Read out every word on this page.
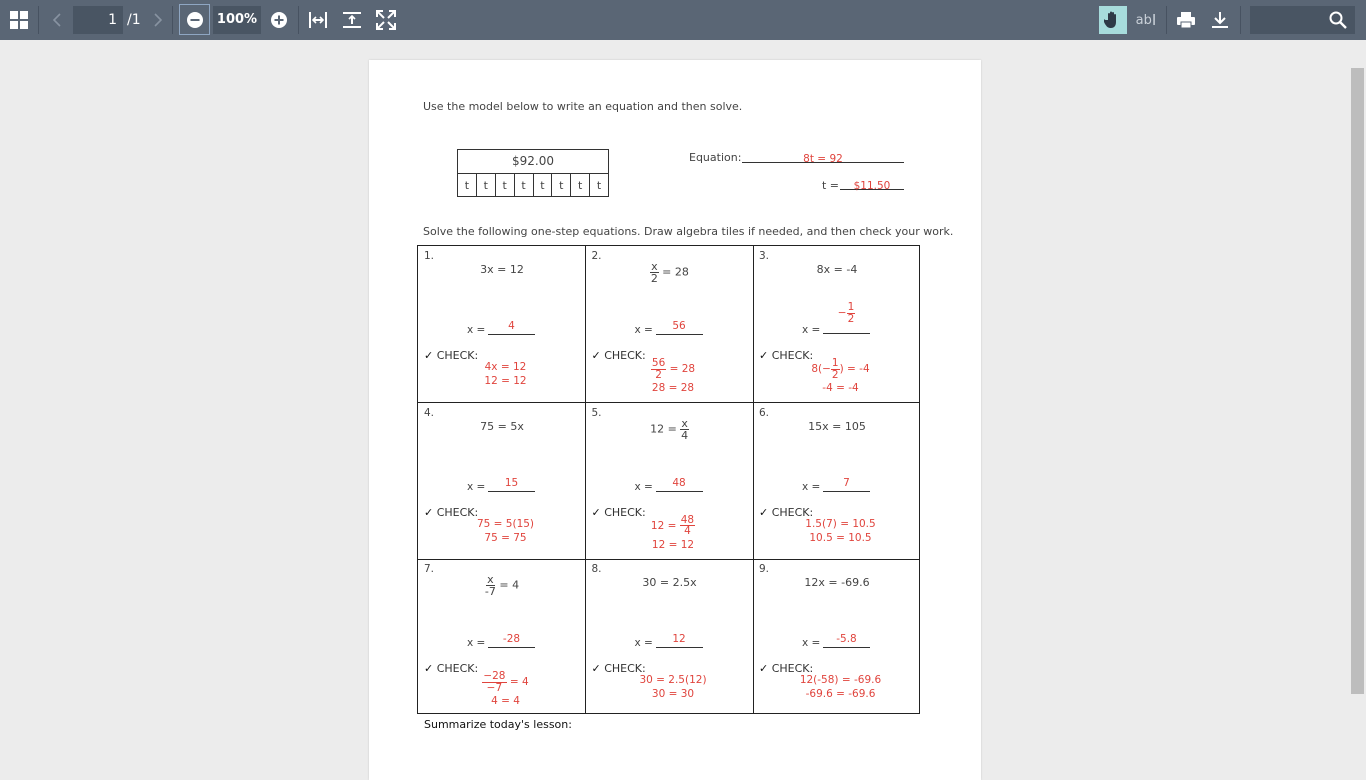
1 /1	100%	ab I
Use the model below to write an equation and then solve.
$92.00
t	t	t	t	t	t	t	t
Equation:	8t = 92
t =	$11.50
Solve the following one-step equations. Draw algebra tiles if needed, and then check your work.
1.
3x = 12
x =	4
✓ CHECK:
4x = 12
12 = 12
2.
$\frac{x}{2} = 28$
x =	56
✓ CHECK:
$\frac{56}{2} = 28$
28 = 28
3.
8x = -4
x =
− $\frac{1}{2}$
✓ CHECK:
$8(- \frac{1}{2}$ ) = -4
-4 = -4
4.
75 = 5x
x =	15
✓ CHECK:
75 = 5(15)
75 = 75
5.
$12 = \frac{x}{4}$
x =	48
✓ CHECK:
$12 = \frac{48}{4}$
12 = 12
6.
15x = 105
x =	7
✓ CHECK:
1.5(7) = 10.5
10.5 = 10.5
7.
$\frac{x}{-7} = 4$
x =	-28
✓ CHECK:
$\frac{-28}{-7} = 4$
4 = 4
8.
30 = 2.5x
x =	12
✓ CHECK:
30 = 2.5(12)
30 = 30
9.
12x = -69.6
x =	-5.8
✓ CHECK:
12(-58) = -69.6
-69.6 = -69.6
Summarize today's lesson:
